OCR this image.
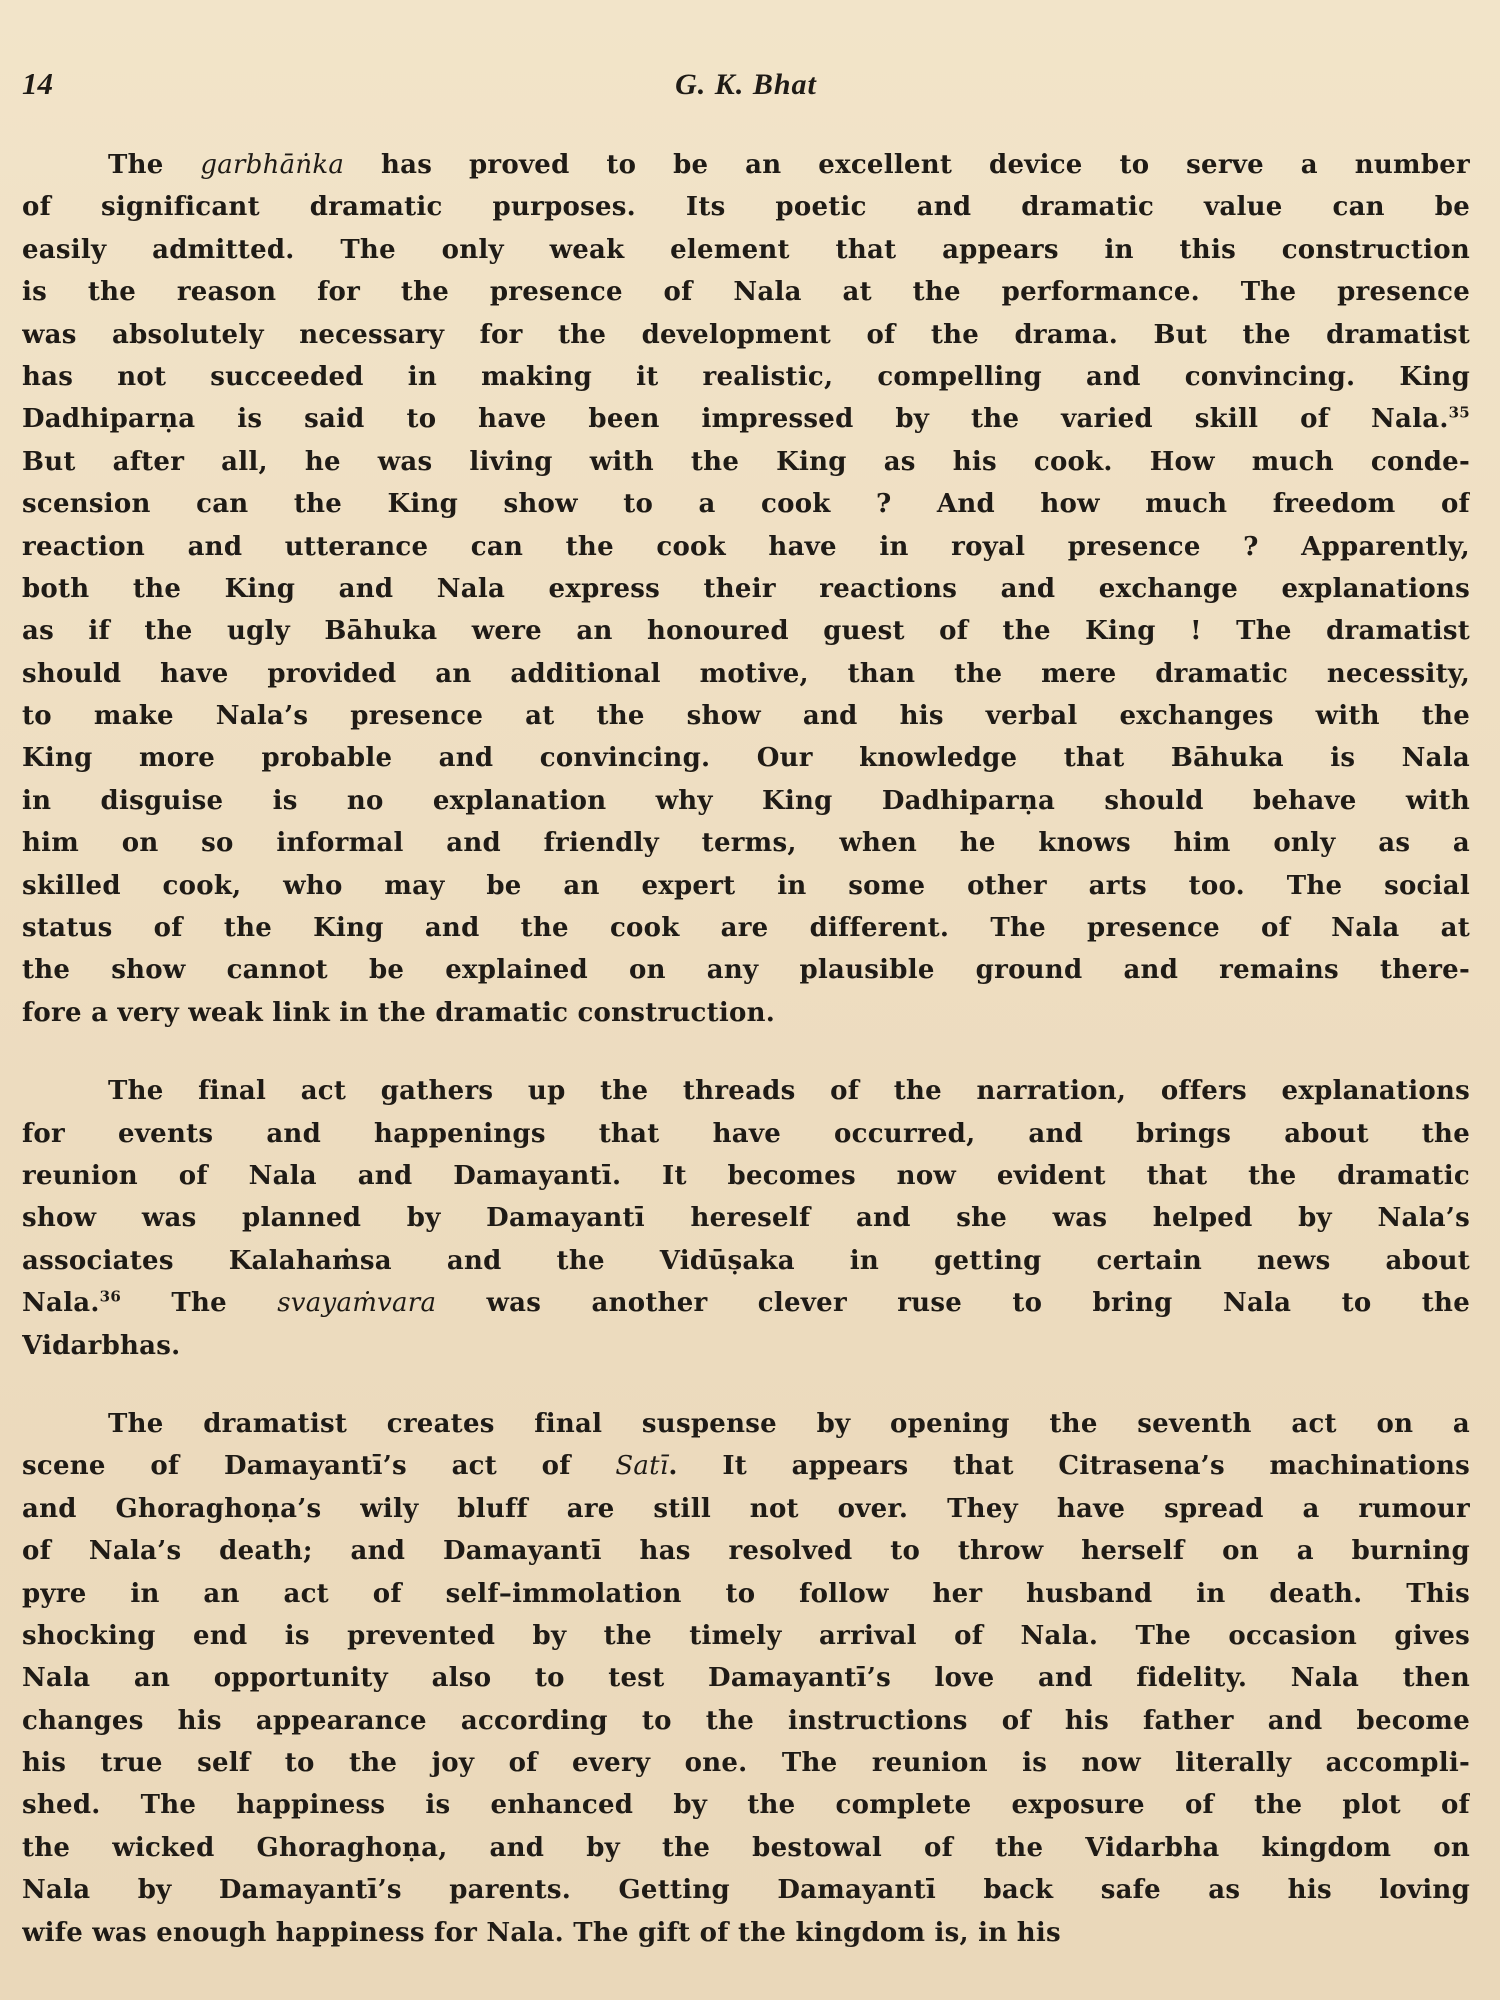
14	G. K. Bhat
The garbhāṅka has proved to be an excellent device to serve a number
of significant dramatic purposes. Its poetic and dramatic value can be
easily admitted. The only weak element that appears in this construction
is the reason for the presence of Nala at the performance. The presence
was absolutely necessary for the development of the drama. But the dramatist
has not succeeded in making it realistic, compelling and convincing. King
Dadhiparṇa is said to have been impressed by the varied skill of Nala.$^{35}$
But after all, he was living with the King as his cook. How much conde-
scension can the King show to a cook ? And how much freedom of
reaction and utterance can the cook have in royal presence ? Apparently,
both the King and Nala express their reactions and exchange explanations
as if the ugly Bāhuka were an honoured guest of the King ! The dramatist
should have provided an additional motive, than the mere dramatic necessity,
to make Nala’s presence at the show and his verbal exchanges with the
King more probable and convincing. Our knowledge that Bāhuka is Nala
in disguise is no explanation why King Dadhiparṇa should behave with
him on so informal and friendly terms, when he knows him only as a
skilled cook, who may be an expert in some other arts too. The social
status of the King and the cook are different. The presence of Nala at
the show cannot be explained on any plausible ground and remains there-
fore a very weak link in the dramatic construction.
The final act gathers up the threads of the narration, offers explanations
for events and happenings that have occurred, and brings about the
reunion of Nala and Damayantī. It becomes now evident that the dramatic
show was planned by Damayantī hereself and she was helped by Nala’s
associates Kalahaṁsa and the Vidūṣaka in getting certain news about
Nala.$^{36}$ The svayaṁvara was another clever ruse to bring Nala to the
Vidarbhas.
The dramatist creates final suspense by opening the seventh act on a
scene of Damayantī’s act of Satī. It appears that Citrasena’s machinations
and Ghoraghoṇa’s wily bluff are still not over. They have spread a rumour
of Nala’s death; and Damayantī has resolved to throw herself on a burning
pyre in an act of self–immolation to follow her husband in death. This
shocking end is prevented by the timely arrival of Nala. The occasion gives
Nala an opportunity also to test Damayantī’s love and fidelity. Nala then
changes his appearance according to the instructions of his father and become
his true self to the joy of every one. The reunion is now literally accompli-
shed. The happiness is enhanced by the complete exposure of the plot of
the wicked Ghoraghoṇa, and by the bestowal of the Vidarbha kingdom on
Nala by Damayantī’s parents. Getting Damayantī back safe as his loving
wife was enough happiness for Nala. The gift of the kingdom is, in his
